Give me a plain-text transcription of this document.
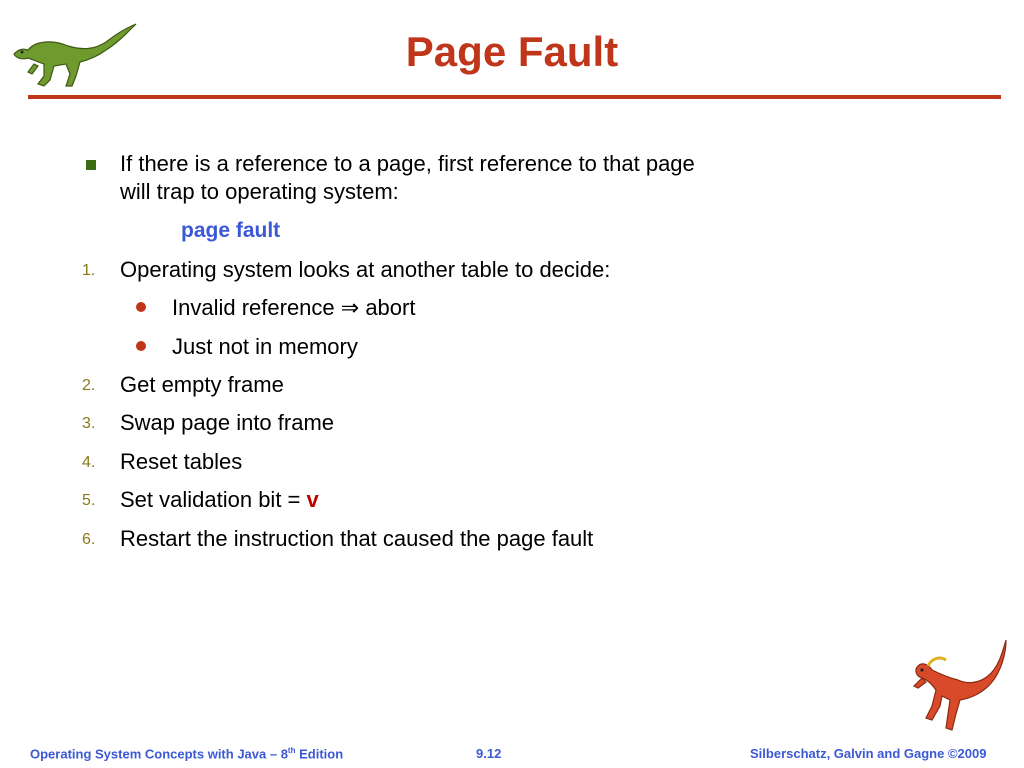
Page Fault
If there is a reference to a page, first reference to that page
will trap to operating system:
page fault
1. Operating system looks at another table to decide:
Invalid reference ⇒ abort
Just not in memory
2. Get empty frame
3. Swap page into frame
4. Reset tables
5. Set validation bit = v
6. Restart the instruction that caused the page fault
Operating System Concepts with Java – 8th Edition	9.12	Silberschatz, Galvin and Gagne ©2009
